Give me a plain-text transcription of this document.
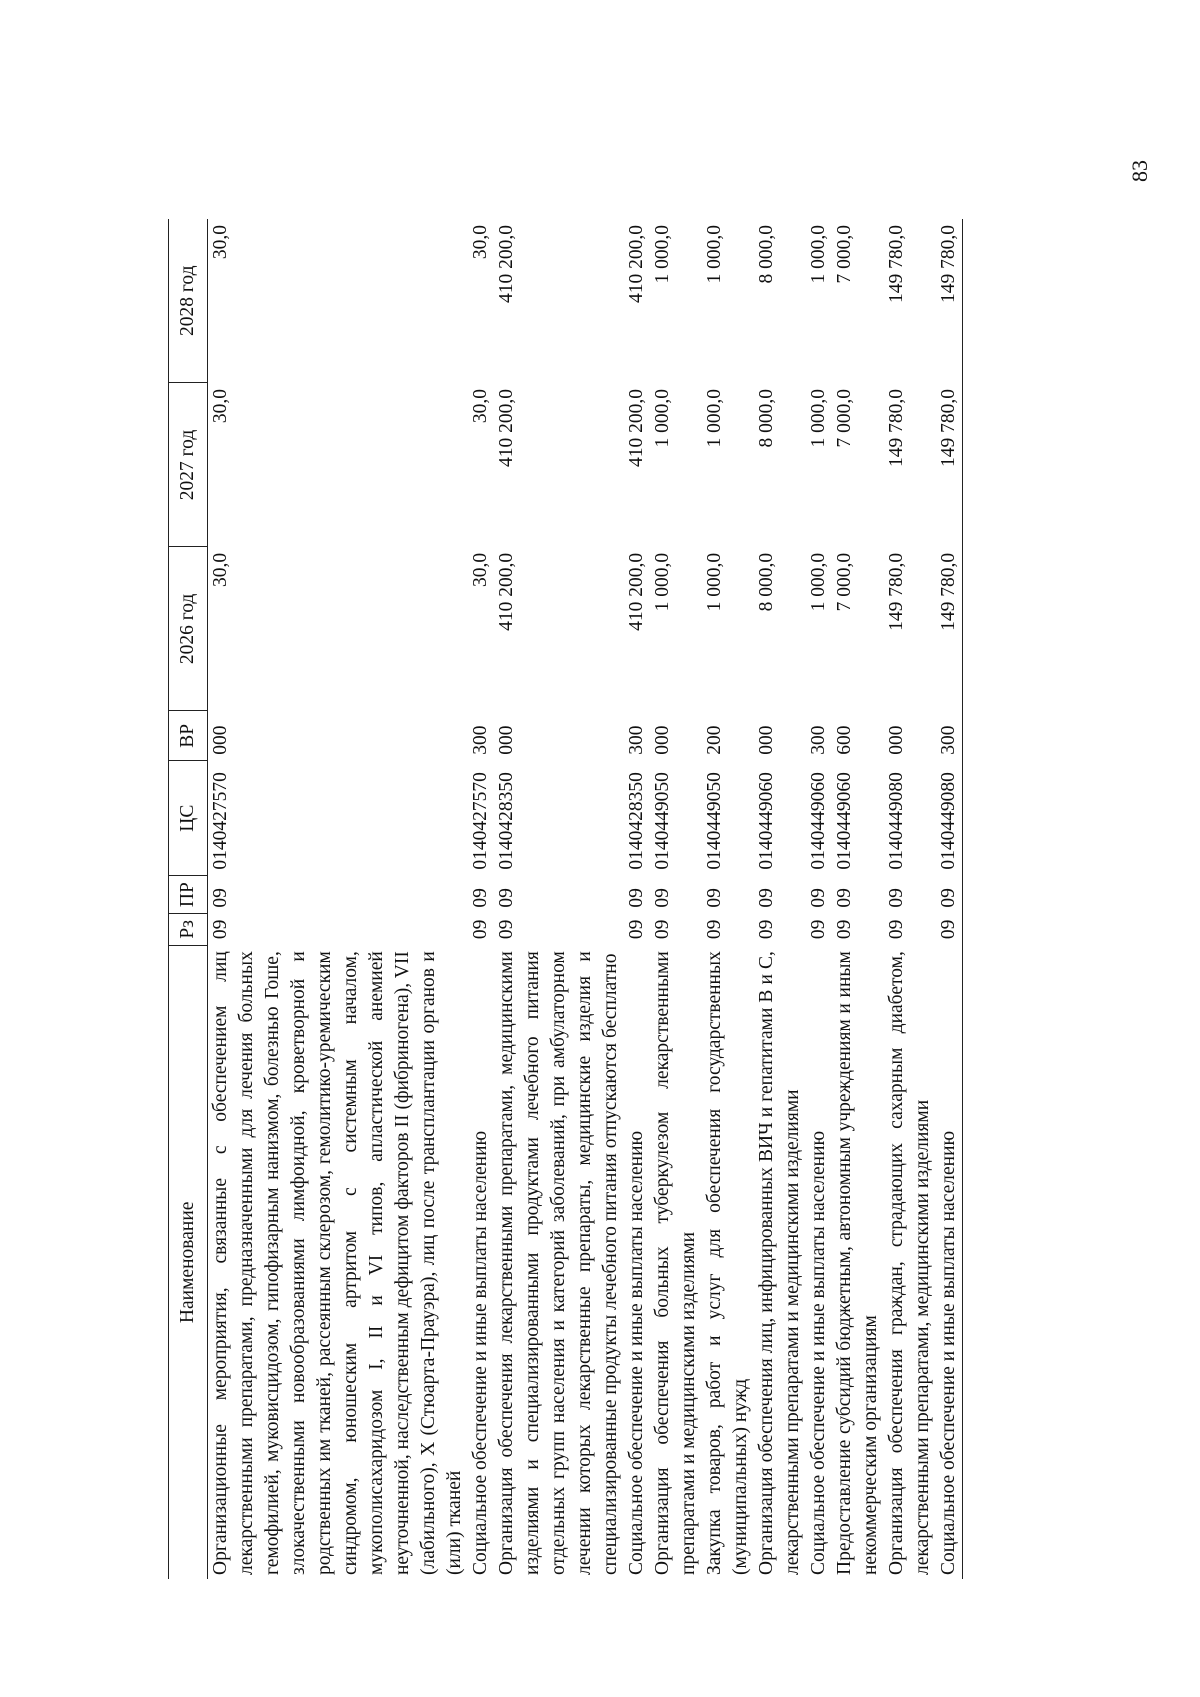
83
Наименование	Рз	ПР	ЦС	ВР	2026 год	2027 год	2028 год
Организационные мероприятия, связанные с обеспечением лиц лекарственными препаратами, предназначенными для лечения больных гемофилией, муковисцидозом, гипофизарным нанизмом, болезнью Гоше, злокачественными новообразованиями лимфоидной, кроветворной и родственных им тканей, рассеянным склерозом, гемолитико-уремическим синдромом, юношеским артритом с системным началом, мукополисахаридозом I, II и VI типов, апластической анемией неуточненной, наследственным дефицитом факторов II (фибриногена), VII (лабильного), X (Стюарта-Прауэра), лиц после трансплантации органов и (или) тканей	09	09	0140427570	000	30,0	30,0	30,0
Социальное обеспечение и иные выплаты населению	09	09	0140427570	300	30,0	30,0	30,0
Организация обеспечения лекарственными препаратами, медицинскими изделиями и специализированными продуктами лечебного питания отдельных групп населения и категорий заболеваний, при амбулаторном лечении которых лекарственные препараты, медицинские изделия и специализированные продукты лечебного питания отпускаются бесплатно	09	09	0140428350	000	410 200,0	410 200,0	410 200,0
Социальное обеспечение и иные выплаты населению	09	09	0140428350	300	410 200,0	410 200,0	410 200,0
Организация обеспечения больных туберкулезом лекарственными препаратами и медицинскими изделиями	09	09	0140449050	000	1 000,0	1 000,0	1 000,0
Закупка товаров, работ и услуг для обеспечения государственных (муниципальных) нужд	09	09	0140449050	200	1 000,0	1 000,0	1 000,0
Организация обеспечения лиц, инфицированных ВИЧ и гепатитами В и С, лекарственными препаратами и медицинскими изделиями	09	09	0140449060	000	8 000,0	8 000,0	8 000,0
Социальное обеспечение и иные выплаты населению	09	09	0140449060	300	1 000,0	1 000,0	1 000,0
Предоставление субсидий бюджетным, автономным учреждениям и иным некоммерческим организациям	09	09	0140449060	600	7 000,0	7 000,0	7 000,0
Организация обеспечения граждан, страдающих сахарным диабетом, лекарственными препаратами, медицинскими изделиями	09	09	0140449080	000	149 780,0	149 780,0	149 780,0
Социальное обеспечение и иные выплаты населению	09	09	0140449080	300	149 780,0	149 780,0	149 780,0
